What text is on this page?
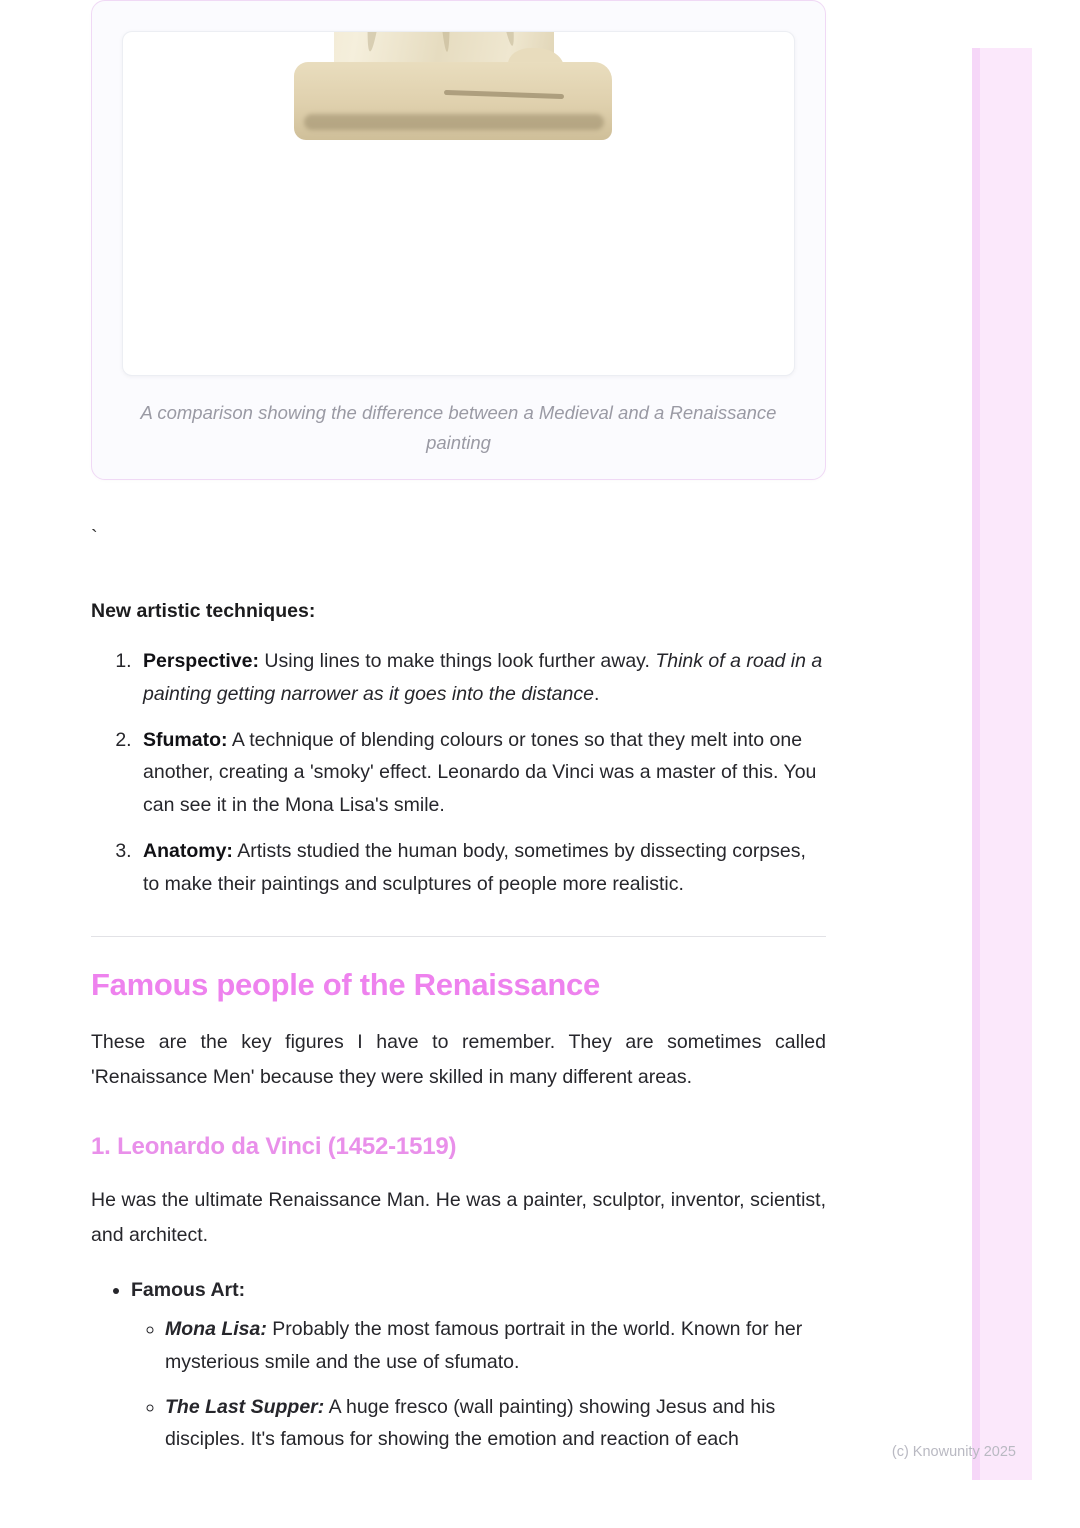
A comparison showing the difference between a Medieval and a Renaissance painting
`
New artistic techniques:
1. Perspective: Using lines to make things look further away. Think of a road in a painting getting narrower as it goes into the distance.
2. Sfumato: A technique of blending colours or tones so that they melt into one another, creating a 'smoky' effect. Leonardo da Vinci was a master of this. You can see it in the Mona Lisa's smile.
3. Anatomy: Artists studied the human body, sometimes by dissecting corpses, to make their paintings and sculptures of people more realistic.
Famous people of the Renaissance

These are the key figures I have to remember. They are sometimes called 'Renaissance Men' because they were skilled in many different areas.

1. Leonardo da Vinci (1452-1519)

He was the ultimate Renaissance Man. He was a painter, sculptor, inventor, scientist, and architect.

• Famous Art:
◦ Mona Lisa: Probably the most famous portrait in the world. Known for her mysterious smile and the use of sfumato.
◦ The Last Supper: A huge fresco (wall painting) showing Jesus and his disciples. It's famous for showing the emotion and reaction of each
(c) Knowunity 2025
